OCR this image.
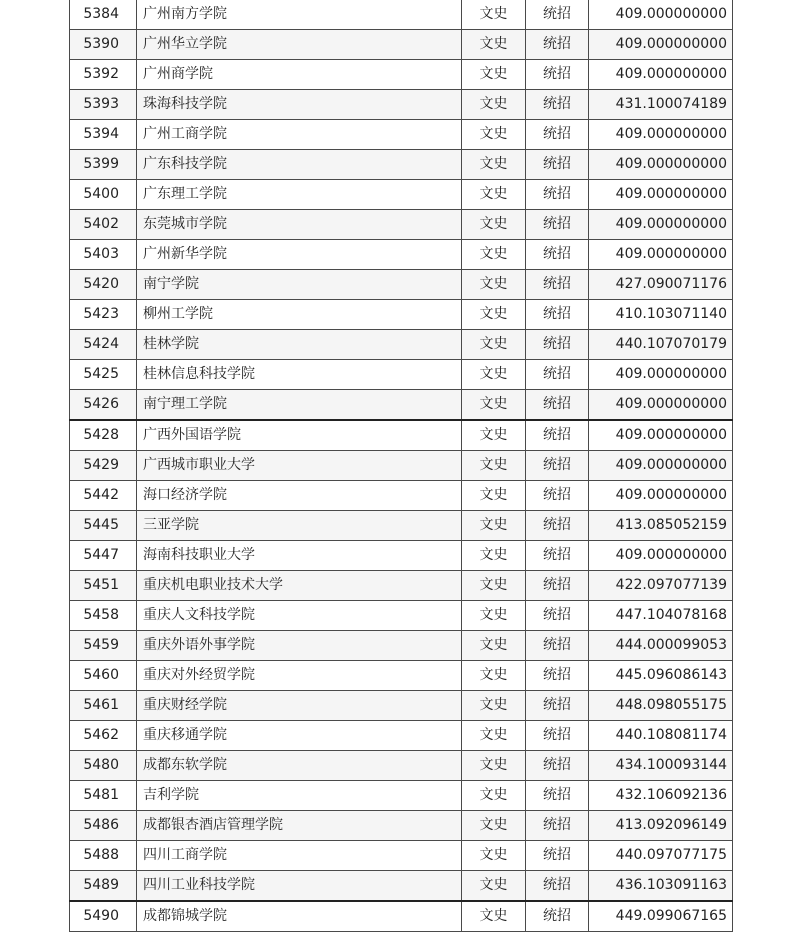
5384	广州南方学院	文史	统招	409.000000000
5390	广州华立学院	文史	统招	409.000000000
5392	广州商学院	文史	统招	409.000000000
5393	珠海科技学院	文史	统招	431.100074189
5394	广州工商学院	文史	统招	409.000000000
5399	广东科技学院	文史	统招	409.000000000
5400	广东理工学院	文史	统招	409.000000000
5402	东莞城市学院	文史	统招	409.000000000
5403	广州新华学院	文史	统招	409.000000000
5420	南宁学院	文史	统招	427.090071176
5423	柳州工学院	文史	统招	410.103071140
5424	桂林学院	文史	统招	440.107070179
5425	桂林信息科技学院	文史	统招	409.000000000
5426	南宁理工学院	文史	统招	409.000000000
5428	广西外国语学院	文史	统招	409.000000000
5429	广西城市职业大学	文史	统招	409.000000000
5442	海口经济学院	文史	统招	409.000000000
5445	三亚学院	文史	统招	413.085052159
5447	海南科技职业大学	文史	统招	409.000000000
5451	重庆机电职业技术大学	文史	统招	422.097077139
5458	重庆人文科技学院	文史	统招	447.104078168
5459	重庆外语外事学院	文史	统招	444.000099053
5460	重庆对外经贸学院	文史	统招	445.096086143
5461	重庆财经学院	文史	统招	448.098055175
5462	重庆移通学院	文史	统招	440.108081174
5480	成都东软学院	文史	统招	434.100093144
5481	吉利学院	文史	统招	432.106092136
5486	成都银杏酒店管理学院	文史	统招	413.092096149
5488	四川工商学院	文史	统招	440.097077175
5489	四川工业科技学院	文史	统招	436.103091163
5490	成都锦城学院	文史	统招	449.099067165
